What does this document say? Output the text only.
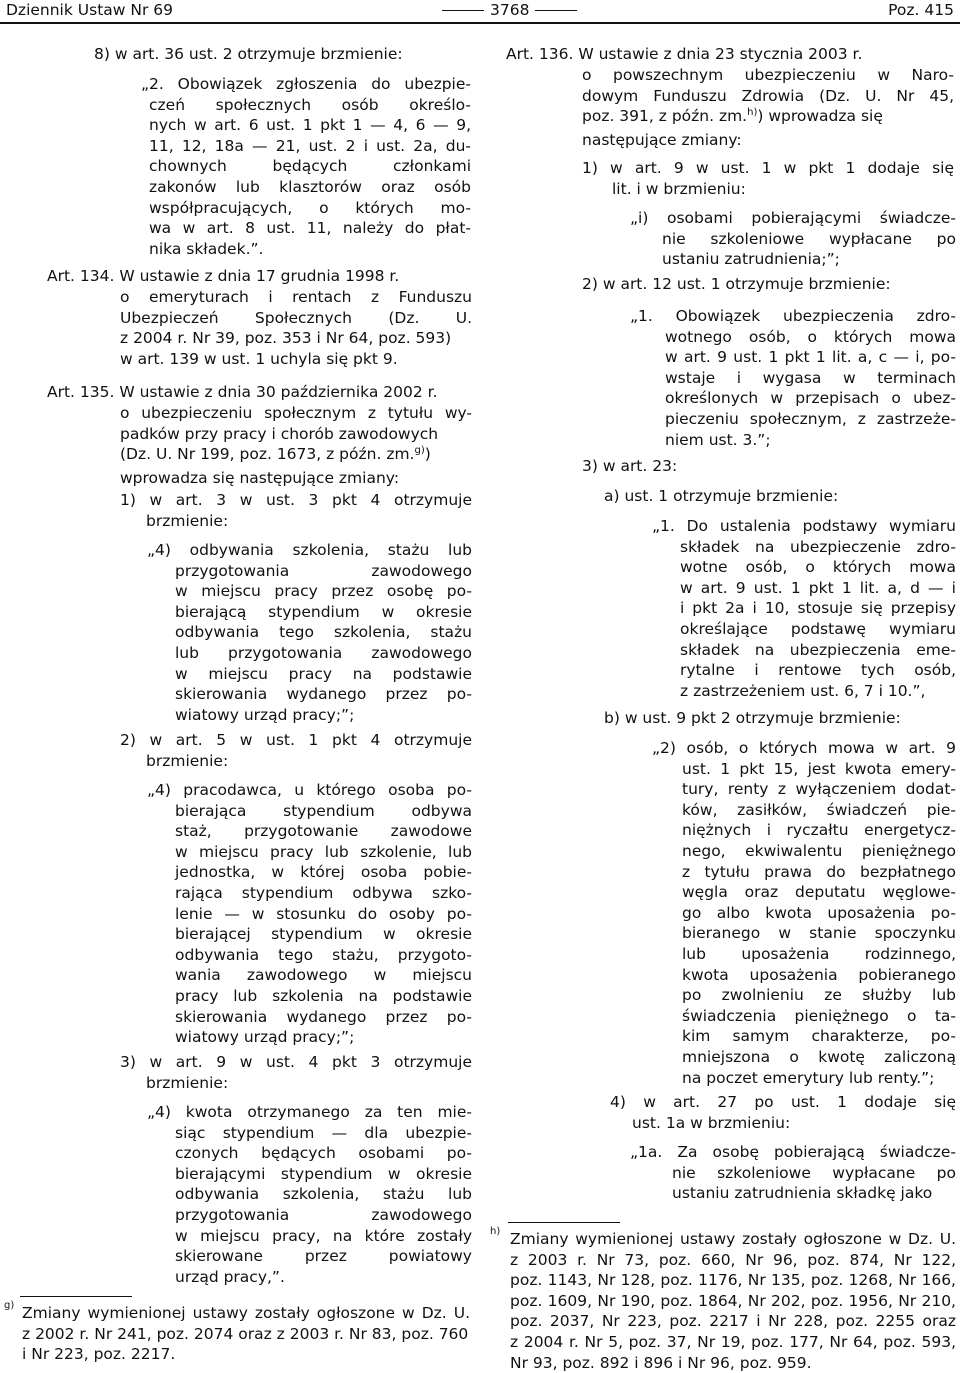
Dziennik Ustaw Nr 69	3768	Poz. 415

8) w art. 36 ust. 2 otrzymuje brzmienie:

„2. Obowiązek zgłoszenia do ubezpie-

czeń społecznych osób określo-

nych w art. 6 ust. 1 pkt 1 — 4, 6 — 9,

11, 12, 18a — 21, ust. 2 i ust. 2a, du-

chownych będących członkami

zakonów lub klasztorów oraz osób

współpracujących, o których mo-

wa w art. 8 ust. 11, należy do płat-

nika składek.”.

Art. 134. W ustawie z dnia 17 grudnia 1998 r.

o emeryturach i rentach z Funduszu

Ubezpieczeń Społecznych (Dz. U.

z 2004 r. Nr 39, poz. 353 i Nr 64, poz. 593)

w art. 139 w ust. 1 uchyla się pkt 9.

Art. 135. W ustawie z dnia 30 października 2002 r.

o ubezpieczeniu społecznym z tytułu wy-

padków przy pracy i chorób zawodowych

(Dz. U. Nr 199, poz. 1673, z późn. zm.$^{g)}$)

wprowadza się następujące zmiany:

1) w art. 3 w ust. 3 pkt 4 otrzymuje

brzmienie:

„4) odbywania szkolenia, stażu lub

przygotowania zawodowego

w miejscu pracy przez osobę po-

bierającą stypendium w okresie

odbywania tego szkolenia, stażu

lub przygotowania zawodowego

w miejscu pracy na podstawie

skierowania wydanego przez po-

wiatowy urząd pracy;”;

2) w art. 5 w ust. 1 pkt 4 otrzymuje

brzmienie:

„4) pracodawca, u którego osoba po-

bierająca stypendium odbywa

staż, przygotowanie zawodowe

w miejscu pracy lub szkolenie, lub

jednostka, w której osoba pobie-

rająca stypendium odbywa szko-

lenie — w stosunku do osoby po-

bierającej stypendium w okresie

odbywania tego stażu, przygoto-

wania zawodowego w miejscu

pracy lub szkolenia na podstawie

skierowania wydanego przez po-

wiatowy urząd pracy;”;

3) w art. 9 w ust. 4 pkt 3 otrzymuje

brzmienie:

„4) kwota otrzymanego za ten mie-

siąc stypendium — dla ubezpie-

czonych będących osobami po-

bierającymi stypendium w okresie

odbywania szkolenia, stażu lub

przygotowania zawodowego

w miejscu pracy, na które zostały

skierowane przez powiatowy

urząd pracy,”.

g) Zmiany wymienionej ustawy zostały ogłoszone w Dz. U.

z 2002 r. Nr 241, poz. 2074 oraz z 2003 r. Nr 83, poz. 760

i Nr 223, poz. 2217.

Art. 136. W ustawie z dnia 23 stycznia 2003 r.

o powszechnym ubezpieczeniu w Naro-

dowym Funduszu Zdrowia (Dz. U. Nr 45,

poz. 391, z późn. zm.$^{h)}$) wprowadza się

następujące zmiany:

1) w art. 9 w ust. 1 w pkt 1 dodaje się

lit. i w brzmieniu:

„i) osobami pobierającymi świadcze-

nie szkoleniowe wypłacane po

ustaniu zatrudnienia;”;

2) w art. 12 ust. 1 otrzymuje brzmienie:

„1. Obowiązek ubezpieczenia zdro-

wotnego osób, o których mowa

w art. 9 ust. 1 pkt 1 lit. a, c — i, po-

wstaje i wygasa w terminach

określonych w przepisach o ubez-

pieczeniu społecznym, z zastrzeże-

niem ust. 3.”;

3) w art. 23:

a) ust. 1 otrzymuje brzmienie:

„1. Do ustalenia podstawy wymiaru

składek na ubezpieczenie zdro-

wotne osób, o których mowa

w art. 9 ust. 1 pkt 1 lit. a, d — i

i pkt 2a i 10, stosuje się przepisy

określające podstawę wymiaru

składek na ubezpieczenia eme-

rytalne i rentowe tych osób,

z zastrzeżeniem ust. 6, 7 i 10.”,

b) w ust. 9 pkt 2 otrzymuje brzmienie:

„2) osób, o których mowa w art. 9

ust. 1 pkt 15, jest kwota emery-

tury, renty z wyłączeniem dodat-

ków, zasiłków, świadczeń pie-

niężnych i ryczałtu energetycz-

nego, ekwiwalentu pieniężnego

z tytułu prawa do bezpłatnego

węgla oraz deputatu węglowe-

go albo kwota uposażenia po-

bieranego w stanie spoczynku

lub uposażenia rodzinnego,

kwota uposażenia pobieranego

po zwolnieniu ze służby lub

świadczenia pieniężnego o ta-

kim samym charakterze, po-

mniejszona o kwotę zaliczoną

na poczet emerytury lub renty.”;

4) w art. 27 po ust. 1 dodaje się

ust. 1a w brzmieniu:

„1a. Za osobę pobierającą świadcze-

nie szkoleniowe wypłacane po

ustaniu zatrudnienia składkę jako

h) Zmiany wymienionej ustawy zostały ogłoszone w Dz. U.

z 2003 r. Nr 73, poz. 660, Nr 96, poz. 874, Nr 122,

poz. 1143, Nr 128, poz. 1176, Nr 135, poz. 1268, Nr 166,

poz. 1609, Nr 190, poz. 1864, Nr 202, poz. 1956, Nr 210,

poz. 2037, Nr 223, poz. 2217 i Nr 228, poz. 2255 oraz

z 2004 r. Nr 5, poz. 37, Nr 19, poz. 177, Nr 64, poz. 593,

Nr 93, poz. 892 i 896 i Nr 96, poz. 959.
